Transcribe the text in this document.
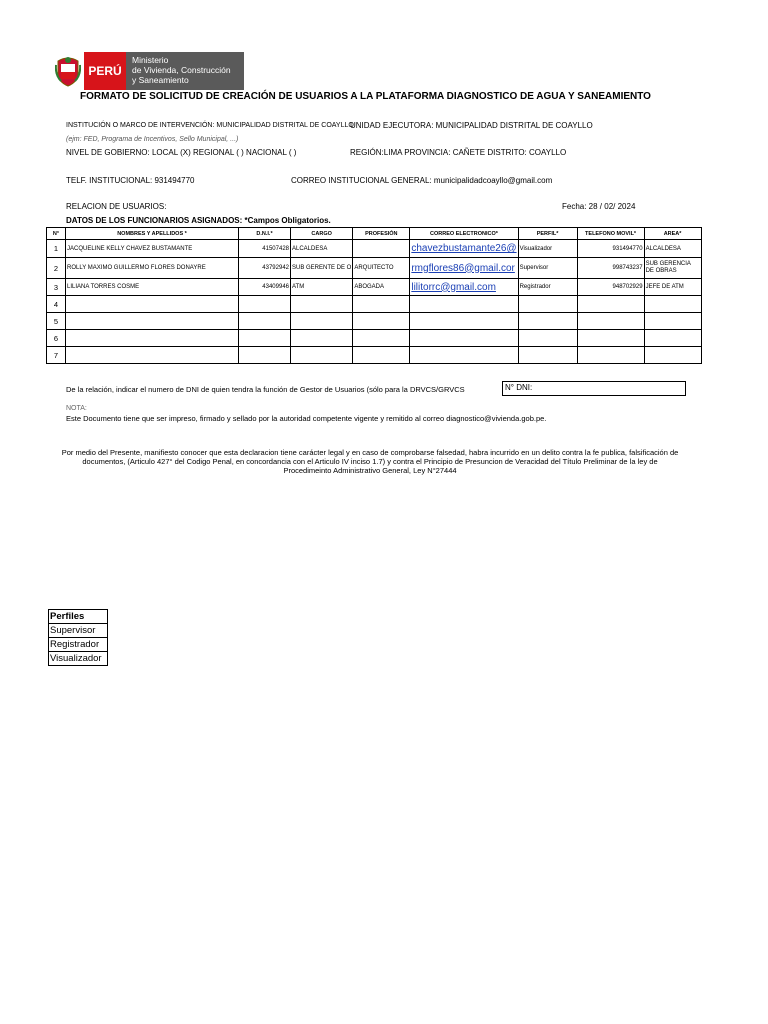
PERÚ
Ministerio
de Vivienda, Construcción
y Saneamiento
FORMATO DE SOLICITUD DE CREACIÓN DE USUARIOS A LA PLATAFORMA DIAGNOSTICO DE AGUA Y SANEAMIENTO
INSTITUCIÓN O MARCO DE INTERVENCIÓN: MUNICIPALIDAD DISTRITAL DE COAYLLO
(ejm: FED, Programa de Incentivos, Sello Municipal, ...)
UNIDAD EJECUTORA: MUNICIPALIDAD DISTRITAL DE COAYLLO
NIVEL DE GOBIERNO: LOCAL (X) REGIONAL ( ) NACIONAL ( )	REGIÓN:LIMA PROVINCIA: CAÑETE DISTRITO: COAYLLO
TELF. INSTITUCIONAL: 931494770	CORREO INSTITUCIONAL GENERAL: municipalidadcoayllo@gmail.com
RELACION DE USUARIOS:	Fecha: 28 / 02/ 2024
DATOS DE LOS FUNCIONARIOS ASIGNADOS: *Campos Obligatorios.
N°	NOMBRES Y APELLIDOS *	D.N.I.*	CARGO	PROFESIÓN	CORREO ELECTRONICO*	PERFIL*	TELEFONO MOVIL*	AREA*
1	JACQUELINE KELLY CHAVEZ BUSTAMANTE	41507428	ALCALDESA		chavezbustamante26@	Visualizador	931494770	ALCALDESA
2	ROLLY MAXIMO GUILLERMO FLORES DONAYRE	43792942	SUB GERENTE DE O	ARQUITECTO	rmgflores86@gmail.cor	Supervisor	998743237	SUB GERENCIA DE OBRAS
3	LILIANA TORRES COSME	43409946	ATM	ABOGADA	lilitorrc@gmail.com	Registrador	948702929	JEFE DE ATM
4								
5								
6								
7								
De la relación, indicar el numero de DNI de quien tendra la función de Gestor de Usuarios (sólo para la DRVCS/GRVCS	N° DNI:
NOTA:
Este Documento tiene que ser impreso, firmado y sellado por la autoridad competente vigente y remitido al correo diagnostico@vivienda.gob.pe.
Por medio del Presente, manifiesto conocer que esta declaracion tiene carácter legal y en caso de comprobarse falsedad, habra incurrido en un delito contra la fe publica, falsificación de documentos, (Articulo 427° del Codigo Penal, en concordancia con el Articulo IV inciso 1.7) y contra el Principio de Presuncion de Veracidad del Título Preliminar de la ley de Procedimeinto Administrativo General, Ley N°27444
Perfiles
Supervisor
Registrador
Visualizador
